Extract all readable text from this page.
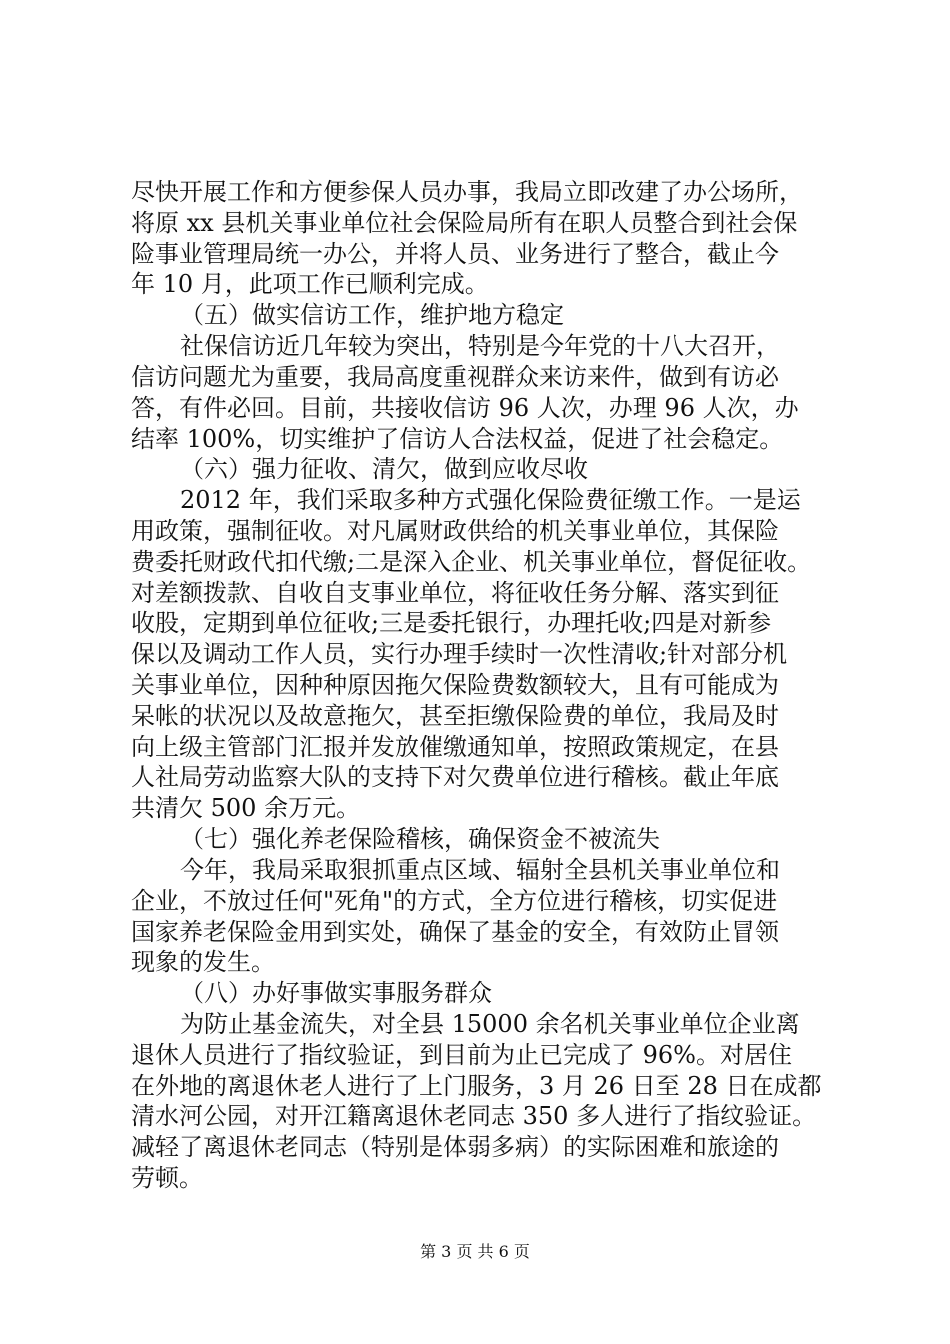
尽快开展工作和方便参保人员办事，我局立即改建了办公场所，
将原 xx 县机关事业单位社会保险局所有在职人员整合到社会保
险事业管理局统一办公，并将人员、业务进行了整合，截止今
年 10 月，此项工作已顺利完成。
（五）做实信访工作，维护地方稳定
社保信访近几年较为突出，特别是今年党的十八大召开，
信访问题尤为重要，我局高度重视群众来访来件，做到有访必
答，有件必回。目前，共接收信访 96 人次，办理 96 人次，办
结率 100%，切实维护了信访人合法权益，促进了社会稳定。
（六）强力征收、清欠，做到应收尽收
2012 年，我们采取多种方式强化保险费征缴工作。一是运
用政策，强制征收。对凡属财政供给的机关事业单位，其保险
费委托财政代扣代缴;二是深入企业、机关事业单位，督促征收。
对差额拨款、自收自支事业单位，将征收任务分解、落实到征
收股，定期到单位征收;三是委托银行，办理托收;四是对新参
保以及调动工作人员，实行办理手续时一次性清收;针对部分机
关事业单位，因种种原因拖欠保险费数额较大，且有可能成为
呆帐的状况以及故意拖欠，甚至拒缴保险费的单位，我局及时
向上级主管部门汇报并发放催缴通知单，按照政策规定，在县
人社局劳动监察大队的支持下对欠费单位进行稽核。截止年底
共清欠 500 余万元。
（七）强化养老保险稽核，确保资金不被流失
今年，我局采取狠抓重点区域、辐射全县机关事业单位和
企业，不放过任何"死角"的方式，全方位进行稽核，切实促进
国家养老保险金用到实处，确保了基金的安全，有效防止冒领
现象的发生。
（八）办好事做实事服务群众
为防止基金流失，对全县 15000 余名机关事业单位企业离
退休人员进行了指纹验证，到目前为止已完成了 96%。对居住
在外地的离退休老人进行了上门服务，3 月 26 日至 28 日在成都
清水河公园，对开江籍离退休老同志 350 多人进行了指纹验证。
减轻了离退休老同志（特别是体弱多病）的实际困难和旅途的
劳顿。
第 3 页 共 6 页
